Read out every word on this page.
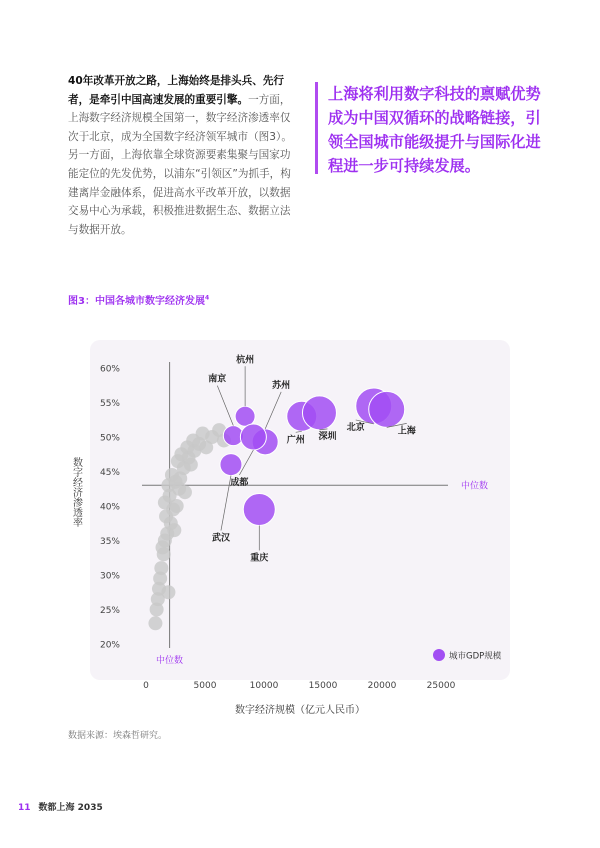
40年改革开放之路，上海始终是排头兵、先行者，是牵引中国高速发展的重要引擎。一方面，上海数字经济规模全国第一，数字经济渗透率仅次于北京，成为全国数字经济领军城市（图3）。另一方面，上海依靠全球资源要素集聚与国家功能定位的先发优势，以浦东“引领区”为抓手，构建离岸金融体系，促进高水平改革开放，以数据交易中心为承载，积极推进数据生态、数据立法与数据开放。

上海将利用数字科技的禀赋优势成为中国双循环的战略链接，引领全国城市能级提升与国际化进程进一步可持续发展。

图3：中国各城市数字经济发展$^4$
20%
25%
30%
35%
40%
45%
50%
55%
60%
0	5000	10000	15000	20000	25000
南京
杭州
苏州
广州 深圳
北京	上海
成都
武汉
重庆
中位数
中位数	城市GDP规模
数字经济规模（亿元人民币）
数字经济渗透率
数据来源：埃森哲研究。
11 数都上海 2035
